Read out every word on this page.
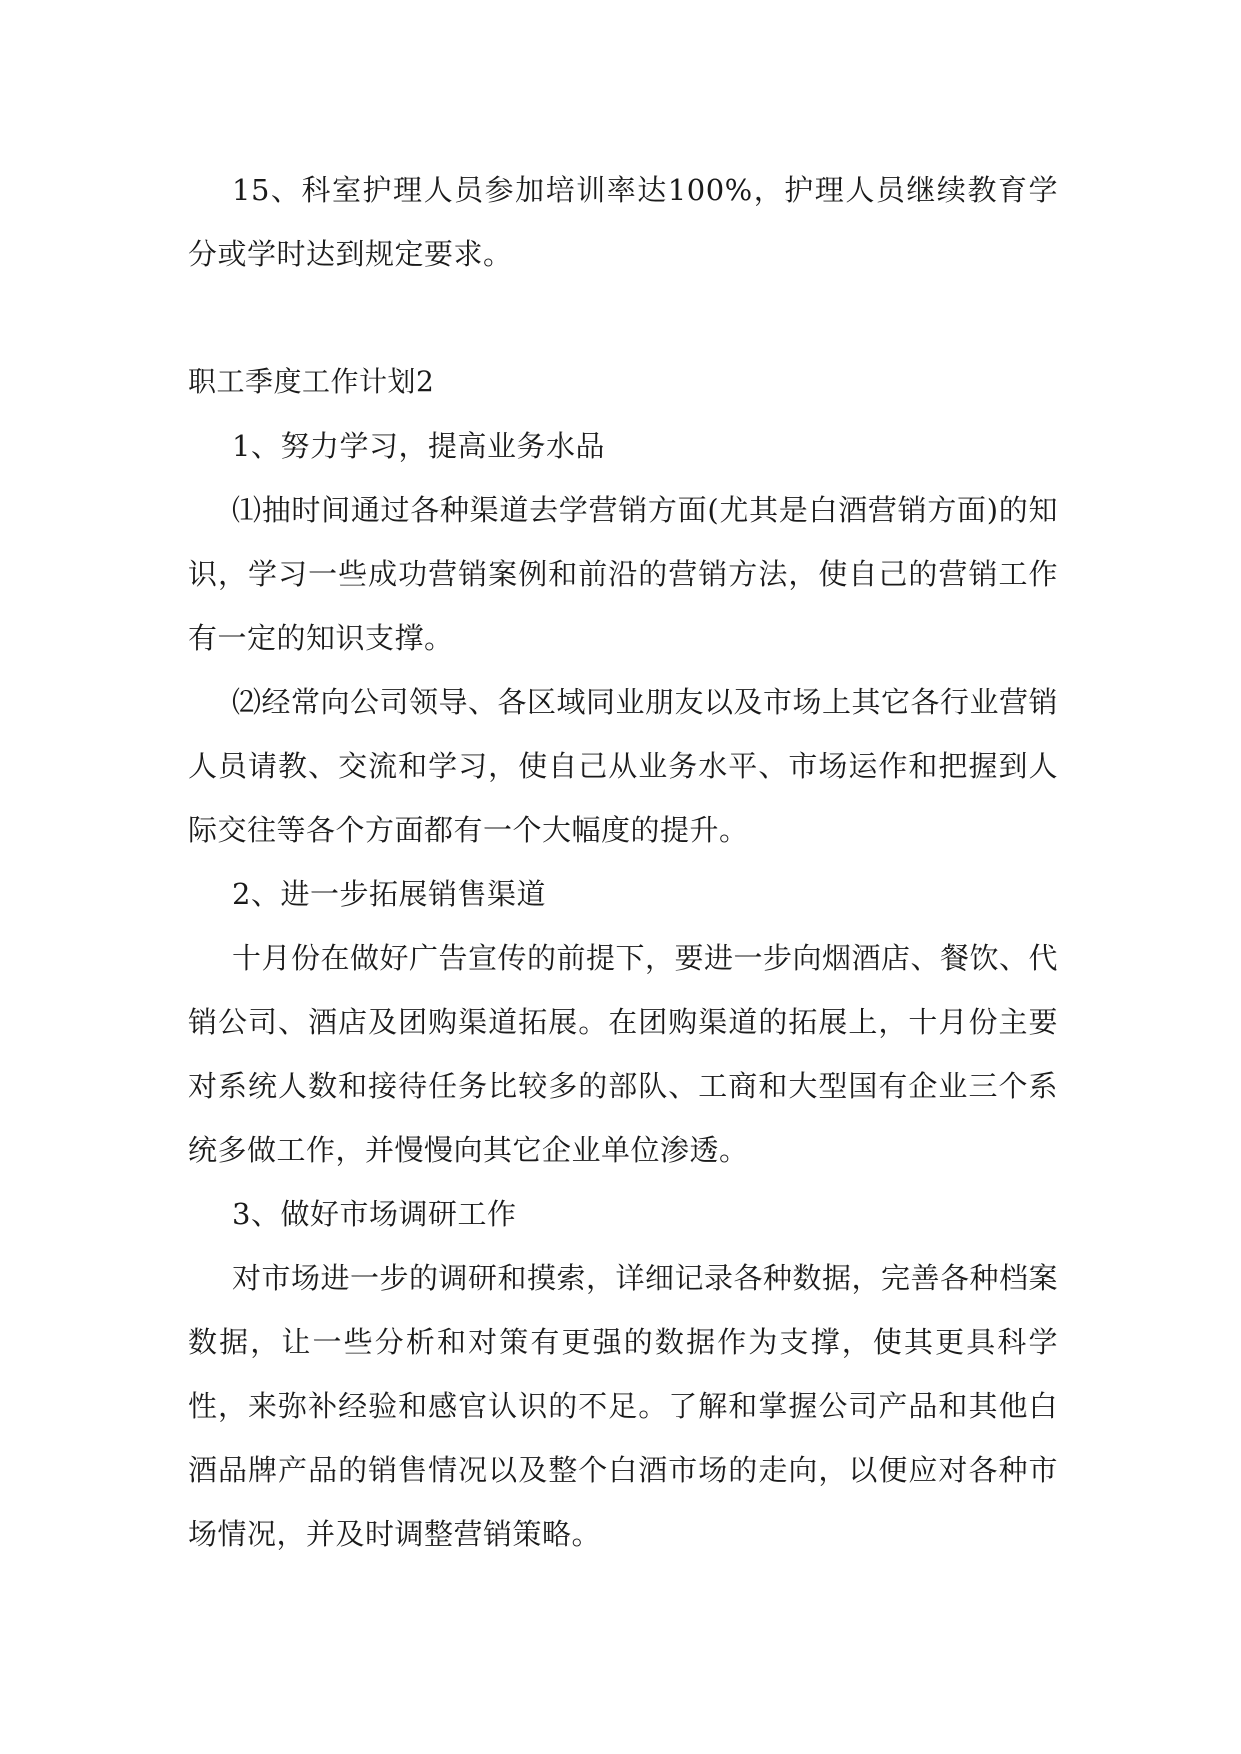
15、科室护理人员参加培训率达100%，护理人员继续教育学分或学时达到规定要求。

职工季度工作计划2

1、努力学习，提高业务水品

⑴抽时间通过各种渠道去学营销方面(尤其是白酒营销方面)的知识，学习一些成功营销案例和前沿的营销方法，使自己的营销工作有一定的知识支撑。

⑵经常向公司领导、各区域同业朋友以及市场上其它各行业营销人员请教、交流和学习，使自己从业务水平、市场运作和把握到人际交往等各个方面都有一个大幅度的提升。

2、进一步拓展销售渠道

十月份在做好广告宣传的前提下，要进一步向烟酒店、餐饮、代销公司、酒店及团购渠道拓展。在团购渠道的拓展上，十月份主要对系统人数和接待任务比较多的部队、工商和大型国有企业三个系统多做工作，并慢慢向其它企业单位渗透。

3、做好市场调研工作

对市场进一步的调研和摸索，详细记录各种数据，完善各种档案数据，让一些分析和对策有更强的数据作为支撑，使其更具科学性，来弥补经验和感官认识的不足。了解和掌握公司产品和其他白酒品牌产品的销售情况以及整个白酒市场的走向，以便应对各种市场情况，并及时调整营销策略。
